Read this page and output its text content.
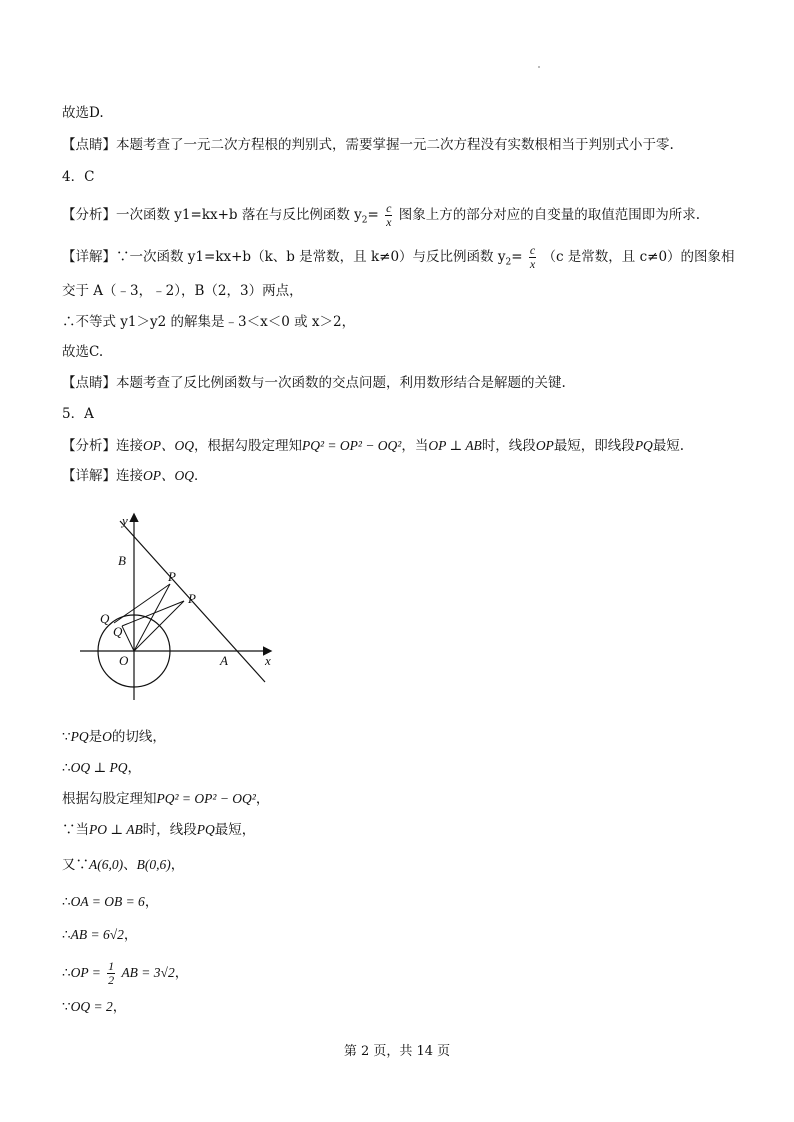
故选D.
【点睛】本题考查了一元二次方程根的判别式，需要掌握一元二次方程没有实数根相当于判别式小于零.
4．C
【分析】一次函数 y1=kx+b 落在与反比例函数 $y_2= \frac{c}{x}$ 图象上方的部分对应的自变量的取值范围即为所求.
【详解】∵一次函数 y1=kx+b（k、b 是常数，且 k≠0）与反比例函数 $y_2= \frac{c}{x} (c$ 是常数，且 c≠0）的图象相
交于 A（﹣3，﹣2），B（2，3）两点，
∴不等式 y1＞y2 的解集是﹣3＜x＜0 或 x＞2，
故选C.
【点睛】本题考查了反比例函数与一次函数的交点问题，利用数形结合是解题的关键.
5．A
【分析】连接OP、OQ，根据勾股定理知PQ² = OP² − OQ²，当OP ⊥ AB时，线段OP最短，即线段PQ最短.
【详解】连接OP、OQ．
y
B
P
P
Q
Q
O	A	x
∵PQ是O的切线，
∴OQ ⊥ PQ，
根据勾股定理知PQ² = OP² − OQ²，
∵当PO ⊥ AB时，线段PQ最短，
又∵A(6,0)、B(0,6)，
∴OA = OB = 6，
∴AB = 6√2，
∴OP = $\frac{1}{2}$ AB = 3√2，
∵OQ = 2，
第 2 页，共 14 页
